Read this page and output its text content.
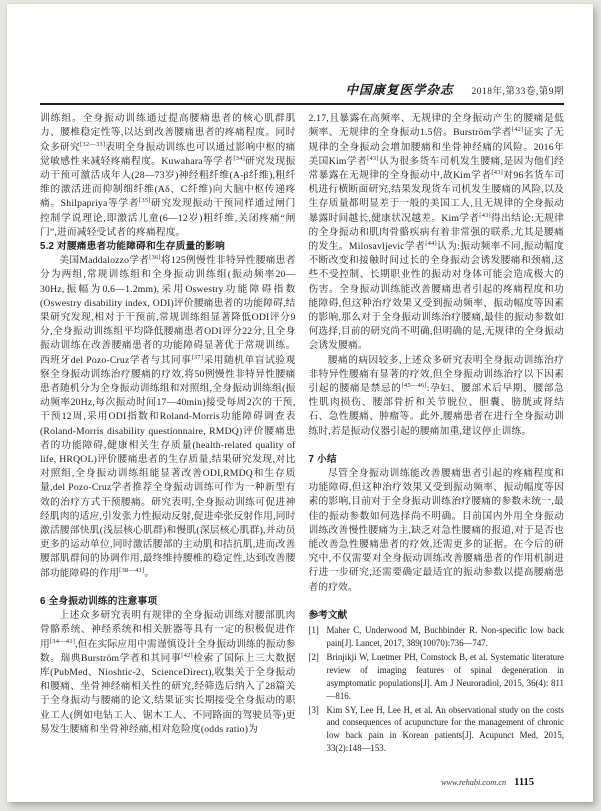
中国康复医学杂志 2018年,第33卷,第9期
训练组。全身振动训练通过提高腰痛患者的核心肌群肌力、腰椎稳定性等,以达到改善腰痛患者的疼痛程度。同时众多研究[32—33]表明全身振动训练也可以通过影响中枢的痛觉敏感性来减轻疼痛程度。Kuwahara等学者[34]研究发现振动干预可激活成年人(28—73岁)神经粗纤维(A-β纤维),粗纤维的激活进而抑制细纤维(Aδ、C纤维)向大脑中枢传递疼痛。Shilpapriya等学者[35]研究发现振动干预同样通过闸门控制学说理论,即激活儿童(6—12岁)粗纤维,关闭疼痛“闸门”,进而减轻受试者的疼痛程度。
5.2 对腰痛患者功能障碍和生存质量的影响
美国Maddalozzo学者[36]将125例慢性非特异性腰痛患者分为两组,常规训练组和全身振动训练组(振动频率20—30Hz,振幅为0.6—1.2mm),采用Oswestry功能障碍指数(Oswestry disability index, ODI)评价腰痛患者的功能障碍,结果研究发现,相对于干预前,常规训练组显著降低ODI评分9分,全身振动训练组平均降低腰痛患者ODI评分22分,且全身振动训练在改善腰痛患者的功能障碍显著优于常规训练。西班牙del Pozo-Cruz学者与其同事[37]采用随机单盲试验观察全身振动训练治疗腰痛的疗效,将50例慢性非特异性腰痛患者随机分为全身振动训练组和对照组,全身振动训练组(振动频率20Hz,每次振动时间17—40min)接受每周2次的干预,干预12周,采用ODI指数和Roland-Morris功能障碍调查表(Roland-Morris disability questionnaire, RMDQ)评价腰痛患者的功能障碍,健康相关生存质量(health-related quality of life, HRQOL)评价腰痛患者的生存质量,结果研究发现,对比对照组,全身振动训练组能显著改善ODI,RMDQ和生存质量,del Pozo-Cruz学者推荐全身振动训练可作为一种新型有效的治疗方式干预腰痛。研究表明,全身振动训练可促进神经肌肉的适应,引发张力性振动反射,促进牵张反射作用,同时激活腰部快肌(浅层核心肌群)和慢肌(深层核心肌群),并动员更多的运动单位,同时激活腰部的主动肌和拮抗肌,进而改善腰部肌群间的协调作用,最终维持腰椎的稳定性,达到改善腰部功能障碍的作用[38—41]。
6 全身振动训练的注意事项
上述众多研究表明有规律的全身振动训练对腰部肌肉骨骼系统、神经系统和相关脏器等具有一定的积极促进作用[34—41],但在实际应用中需谨慎设计全身振动训练的振动参数。瑞典Burström学者和其同事[42]检索了国际上三大数据库(PubMed、Nioshtic-2、ScienceDirect),收集关于全身振动和腰痛、坐骨神经痛相关性的研究,经筛选后纳入了28篇关于全身振动与腰痛的论文,结果证实长期接受全身振动的职业工人(例如电钻工人、锯木工人、不同路面的驾驶员等)更易发生腰痛和坐骨神经痛,相对危险度(odds ratio)为
2.17,且暴露在高频率、无规律的全身振动产生的腰痛是低频率、无规律的全身振动1.5倍。Burström学者[42]证实了无规律的全身振动会增加腰痛和坐骨神经痛的风险。2016年美国Kim学者[43]认为很多货车司机发生腰痛,是因为他们经常暴露在无规律的全身振动中,故Kim学者[43]对96名货车司机进行横断面研究,结果发现货车司机发生腰痛的风险,以及生存质量都明显差于一般的美国工人,且无规律的全身振动暴露时间越长,健康状况越差。Kim学者[43]得出结论:无规律的全身振动和肌肉骨骼疾病有着非常强的联系,尤其是腰痛的发生。Milosavljevic学者[44]认为:振动频率不同,振动幅度不断改变和接触时间过长的全身振动会诱发腰痛和颈痛,这些不受控制、长期职业性的振动对身体可能会造成极大的伤害。全身振动训练能改善腰痛患者引起的疼痛程度和功能障碍,但这种治疗效果又受到振动频率、振动幅度等因素的影响,那么对于全身振动训练治疗腰痛,最佳的振动参数如何选择,目前的研究尚不明确,但明确的是,无规律的全身振动会诱发腰痛。
腰痛的病因较多,上述众多研究表明全身振动训练治疗非特异性腰痛有显著的疗效,但全身振动训练治疗以下因素引起的腰痛是禁忌的[45—46]:孕妇、腰部术后早期、腰部急性肌肉损伤、腰部骨折和关节脱位、胆囊、膀胱或肾结石、急性腰痛、肿瘤等。此外,腰痛患者在进行全身振动训练时,若是振动仪器引起的腰痛加重,建议停止训练。
7 小结
尽管全身振动训练能改善腰痛患者引起的疼痛程度和功能障碍,但这种治疗效果又受到振动频率、振动幅度等因素的影响,目前对于全身振动训练治疗腰痛的参数未统一,最佳的振动参数如何选择尚不明确。目前国内外用全身振动训练改善慢性腰痛为主,缺乏对急性腰痛的报道,对于是否也能改善急性腰痛患者的疗效,还需更多的证据。在今后的研究中,不仅需要对全身振动训练改善腰痛患者的作用机制进行进一步研究,还需要确定最适宜的振动参数以提高腰痛患者的疗效。
参考文献
[1] Maher C, Underwood M, Buchbinder R. Non-specific low back pain[J]. Lancet, 2017, 389(10070):736—747.
[2] Brinjikji W, Luetmer PH, Comstock B, et al. Systematic literature review of imaging features of spinal degeneration in asymptomatic populations[J]. Am J Neuroradiol, 2015, 36(4): 811—816.
[3] Kim SY, Lee H, Lee H, et al. An observational study on the costs and consequences of acupuncture for the management of chronic low back pain in Korean patients[J]. Acupunct Med, 2015, 33(2):148—153.
www.rehabi.com.cn 1115
